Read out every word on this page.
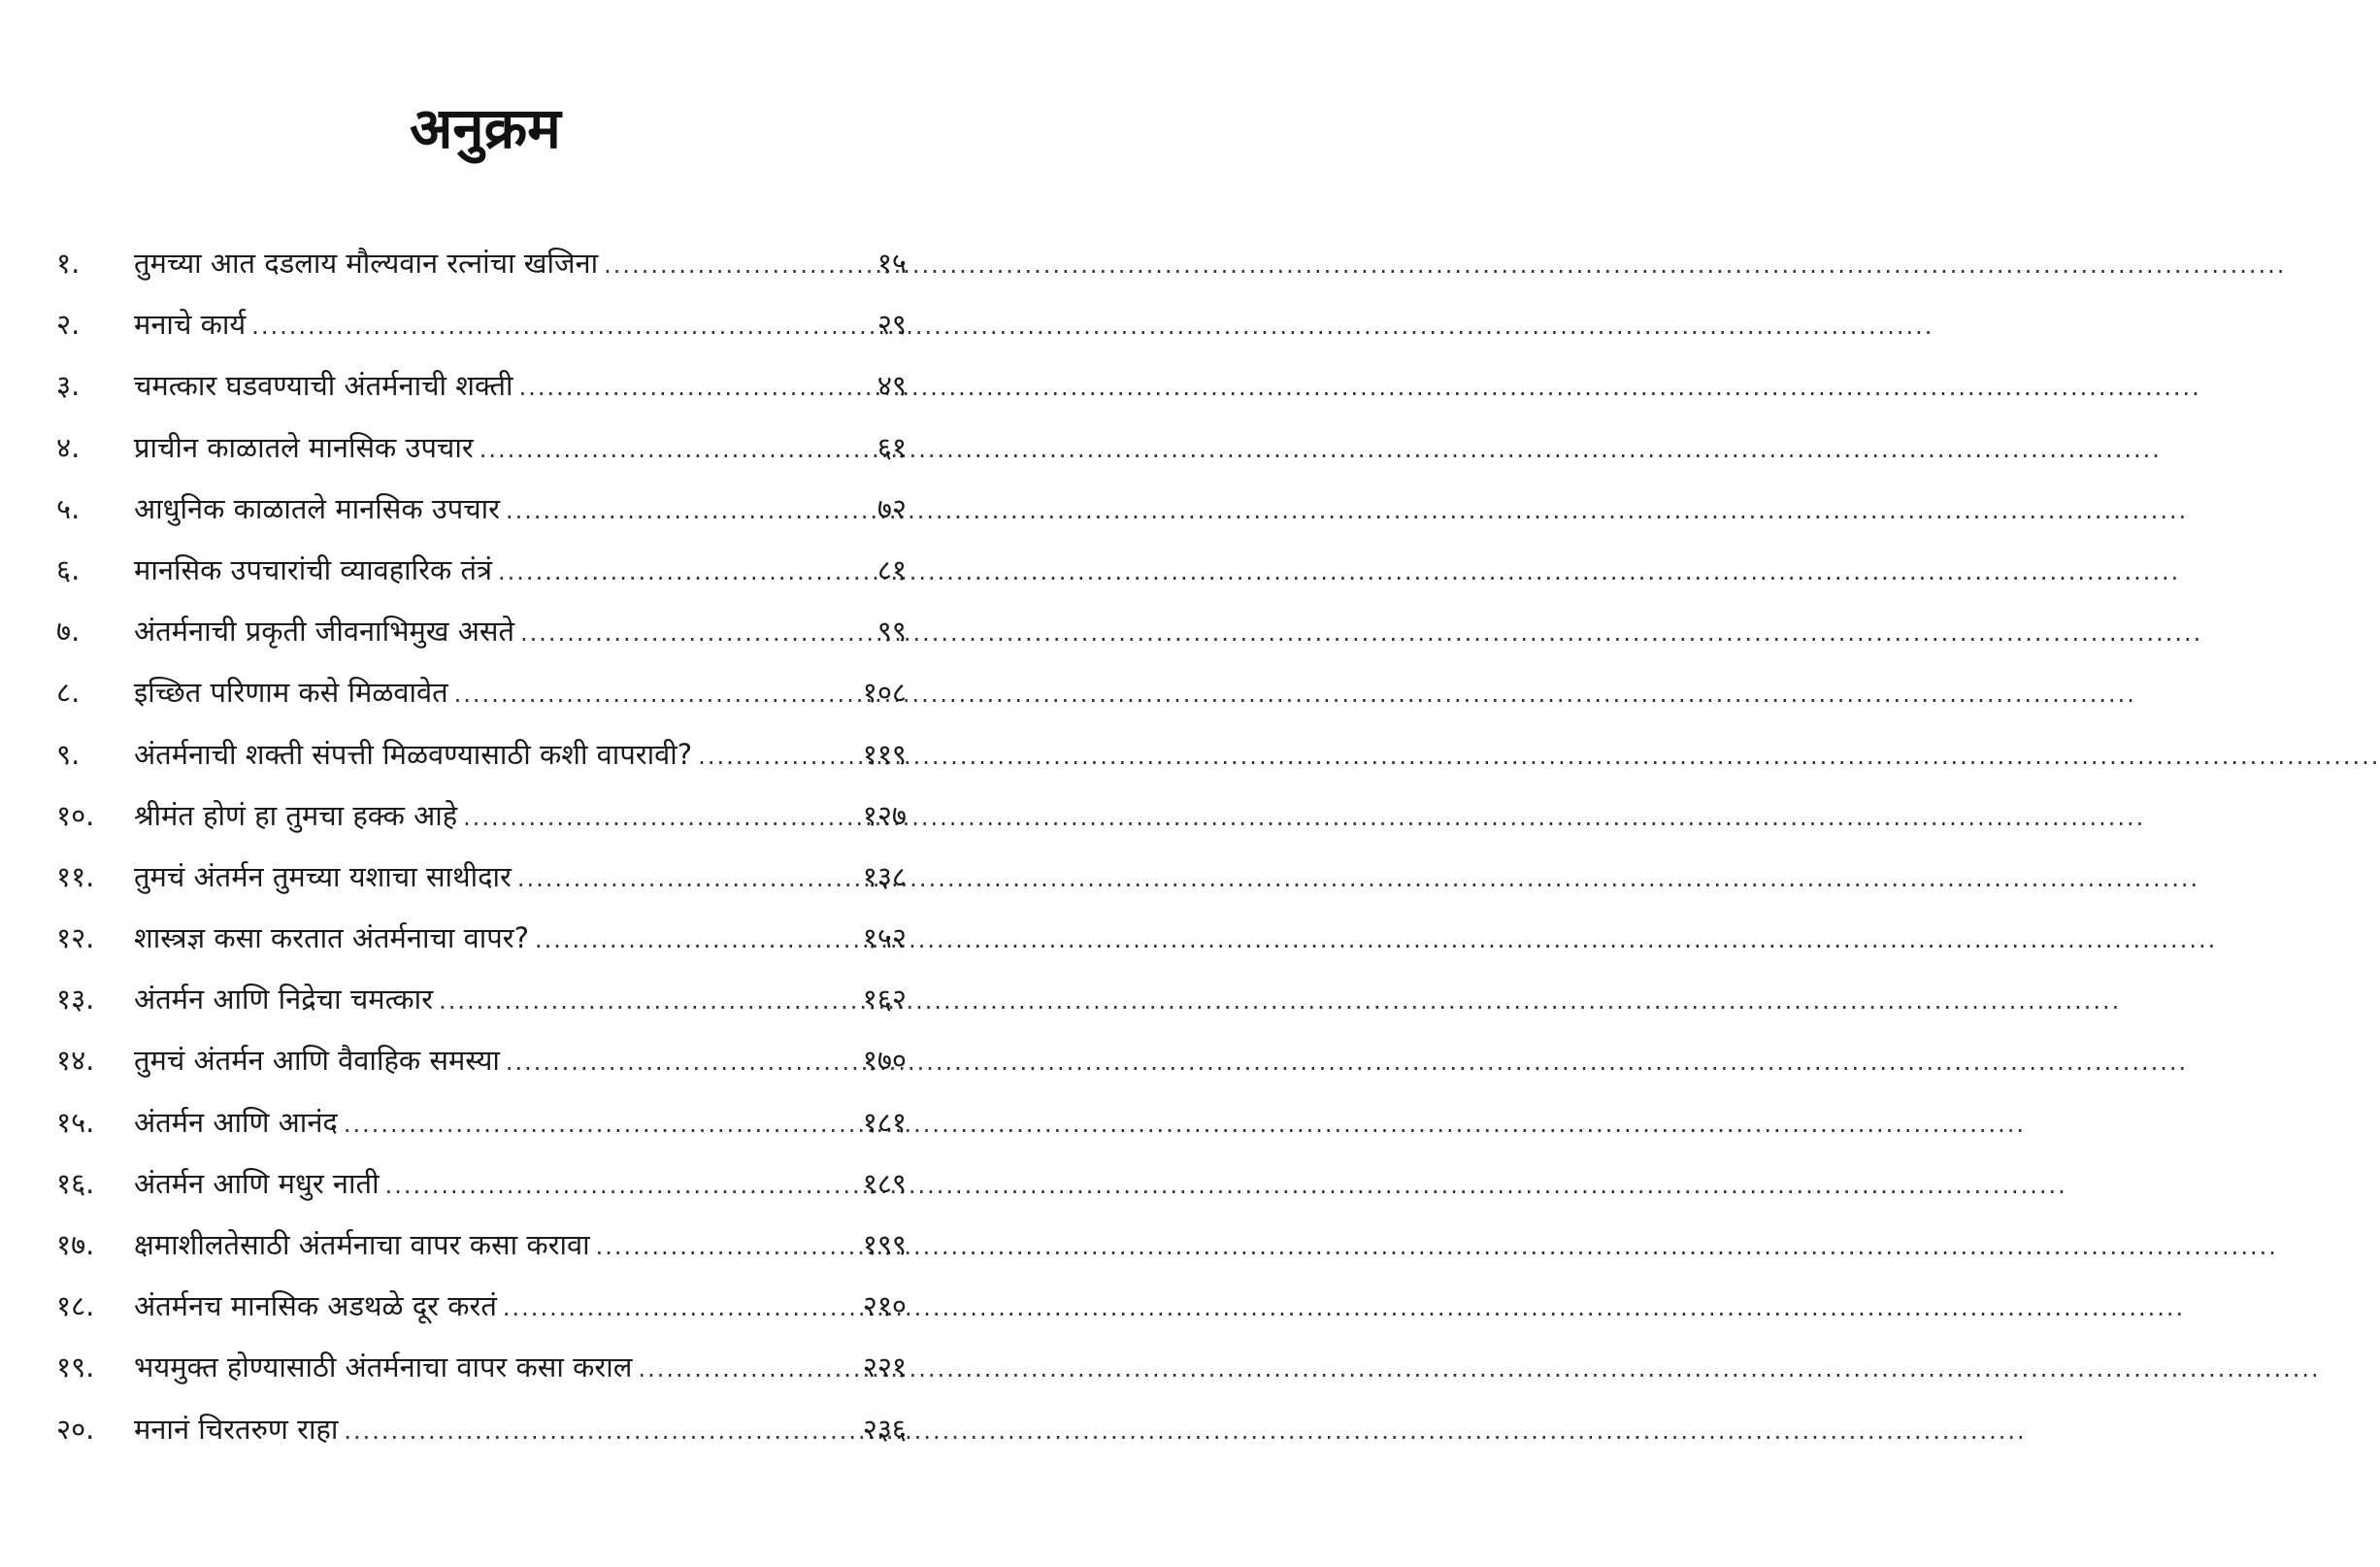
अनुक्रम
१.	तुमच्या आत दडलाय मौल्यवान रत्नांचा खजिना .....	१५
२.	मनाचे कार्य .....	२९
३.	चमत्कार घडवण्याची अंतर्मनाची शक्ती .....	४९
४.	प्राचीन काळातले मानसिक उपचार .....	६१
५.	आधुनिक काळातले मानसिक उपचार .....	७२
६.	मानसिक उपचारांची व्यावहारिक तंत्रं .....	८१
७.	अंतर्मनाची प्रकृती जीवनाभिमुख असते .....	९९
८.	इच्छित परिणाम कसे मिळवावेत .....	१०८
९.	अंतर्मनाची शक्ती संपत्ती मिळवण्यासाठी कशी वापरावी? .....	११९
१०.	श्रीमंत होणं हा तुमचा हक्क आहे .....	१२७
११.	तुमचं अंतर्मन तुमच्या यशाचा साथीदार .....	१३८
१२.	शास्त्रज्ञ कसा करतात अंतर्मनाचा वापर? .....	१५२
१३.	अंतर्मन आणि निद्रेचा चमत्कार .....	१६२
१४.	तुमचं अंतर्मन आणि वैवाहिक समस्या .....	१७०
१५.	अंतर्मन आणि आनंद .....	१८१
१६.	अंतर्मन आणि मधुर नाती .....	१८९
१७.	क्षमाशीलतेसाठी अंतर्मनाचा वापर कसा करावा .....	१९९
१८.	अंतर्मनच मानसिक अडथळे दूर करतं .....	२१०
१९.	भयमुक्त होण्यासाठी अंतर्मनाचा वापर कसा कराल .....	२२१
२०.	मनानं चिरतरुण राहा .....	२३६
